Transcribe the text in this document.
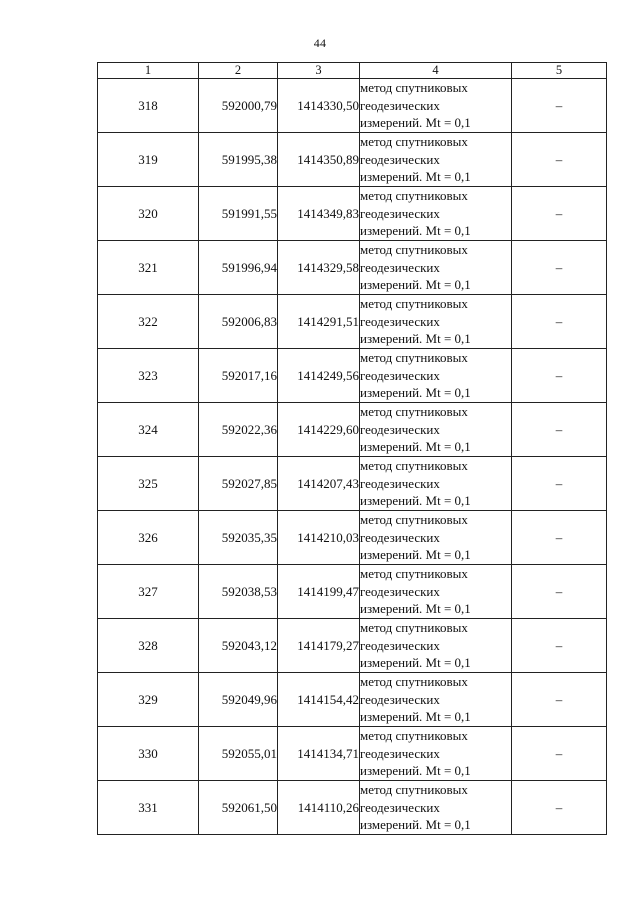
44
1	2	3	4	5
318	592000,79	1414330,50	метод спутниковых
геодезических
измерений. Mt = 0,1	–
319	591995,38	1414350,89	метод спутниковых
геодезических
измерений. Mt = 0,1	–
320	591991,55	1414349,83	метод спутниковых
геодезических
измерений. Mt = 0,1	–
321	591996,94	1414329,58	метод спутниковых
геодезических
измерений. Mt = 0,1	–
322	592006,83	1414291,51	метод спутниковых
геодезических
измерений. Mt = 0,1	–
323	592017,16	1414249,56	метод спутниковых
геодезических
измерений. Mt = 0,1	–
324	592022,36	1414229,60	метод спутниковых
геодезических
измерений. Mt = 0,1	–
325	592027,85	1414207,43	метод спутниковых
геодезических
измерений. Mt = 0,1	–
326	592035,35	1414210,03	метод спутниковых
геодезических
измерений. Mt = 0,1	–
327	592038,53	1414199,47	метод спутниковых
геодезических
измерений. Mt = 0,1	–
328	592043,12	1414179,27	метод спутниковых
геодезических
измерений. Mt = 0,1	–
329	592049,96	1414154,42	метод спутниковых
геодезических
измерений. Mt = 0,1	–
330	592055,01	1414134,71	метод спутниковых
геодезических
измерений. Mt = 0,1	–
331	592061,50	1414110,26	метод спутниковых
геодезических
измерений. Mt = 0,1	–
